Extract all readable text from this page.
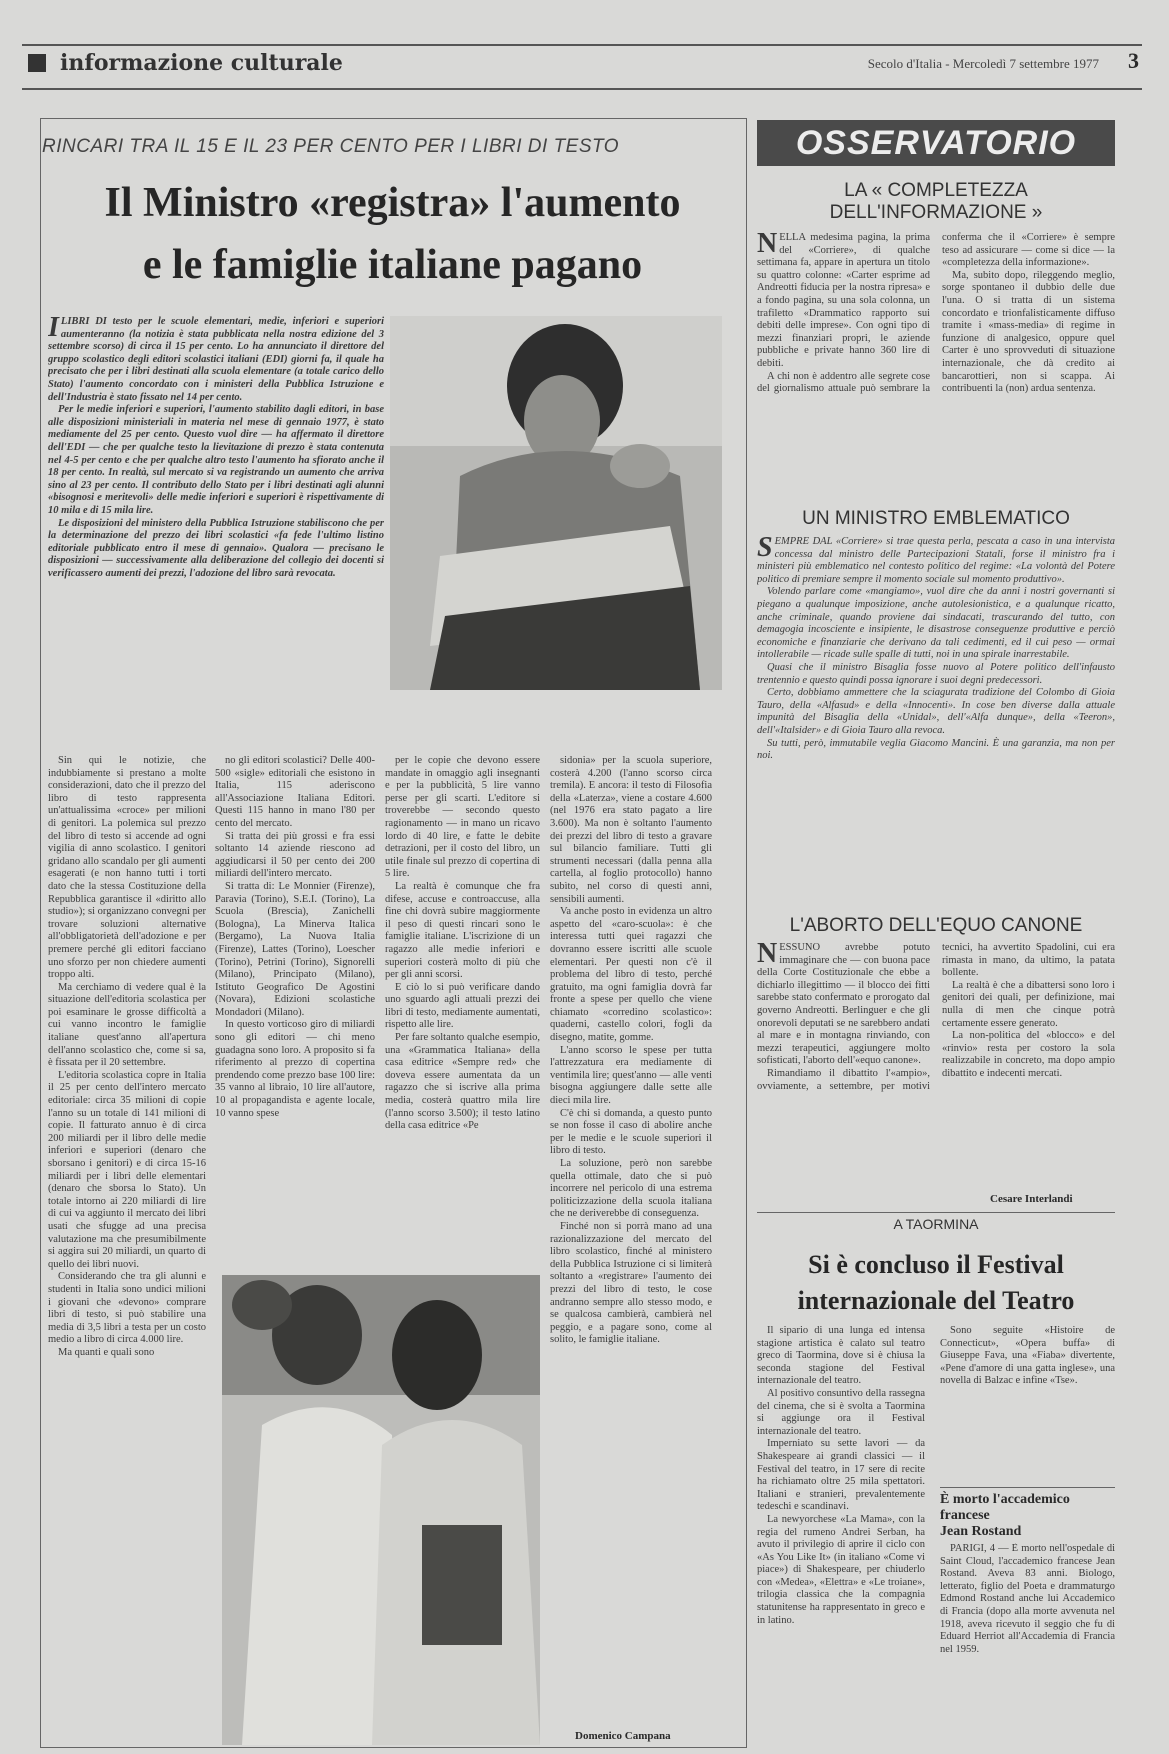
informazione culturale	Secolo d'Italia - Mercoledì 7 settembre 1977 3
RINCARI TRA IL 15 E IL 23 PER CENTO PER I LIBRI DI TESTO
Il Ministro «registra» l'aumento
e le famiglie italiane pagano

ILIBRI DI testo per le scuole elementari, medie, inferiori e superiori aumenteranno (la notizia è stata pubblicata nella nostra edizione del 3 settembre scorso) di circa il 15 per cento. Lo ha annunciato il direttore del gruppo scolastico degli editori scolastici italiani (EDI) giorni fa, il quale ha precisato che per i libri destinati alla scuola elementare (a totale carico dello Stato) l'aumento concordato con i ministeri della Pubblica Istruzione e dell'Industria è stato fissato nel 14 per cento.

Per le medie inferiori e superiori, l'aumento stabilito dagli editori, in base alle disposizioni ministeriali in materia nel mese di gennaio 1977, è stato mediamente del 25 per cento. Questo vuol dire — ha affermato il direttore dell'EDI — che per qualche testo la lievitazione di prezzo è stata contenuta nel 4-5 per cento e che per qualche altro testo l'aumento ha sfiorato anche il 18 per cento. In realtà, sul mercato si va registrando un aumento che arriva sino al 23 per cento. Il contributo dello Stato per i libri destinati agli alunni «bisognosi e meritevoli» delle medie inferiori e superiori è rispettivamente di 10 mila e di 15 mila lire.

Le disposizioni del ministero della Pubblica Istruzione stabiliscono che per la determinazione del prezzo dei libri scolastici «fa fede l'ultimo listino editoriale pubblicato entro il mese di gennaio». Qualora — precisano le disposizioni — successivamente alla deliberazione del collegio dei docenti si verificassero aumenti dei prezzi, l'adozione del libro sarà revocata.

Sin qui le notizie, che indubbiamente si prestano a molte considerazioni, dato che il prezzo del libro di testo rappresenta un'attualissima «croce» per milioni di genitori. La polemica sul prezzo del libro di testo si accende ad ogni vigilia di anno scolastico. I genitori gridano allo scandalo per gli aumenti esagerati (e non hanno tutti i torti dato che la stessa Costituzione della Repubblica garantisce il «diritto allo studio»); si organizzano convegni per trovare soluzioni alternative all'obbligatorietà dell'adozione e per premere perché gli editori facciano uno sforzo per non chiedere aumenti troppo alti.

Ma cerchiamo di vedere qual è la situazione dell'editoria scolastica per poi esaminare le grosse difficoltà a cui vanno incontro le famiglie italiane quest'anno all'apertura dell'anno scolastico che, come si sa, è fissata per il 20 settembre.

L'editoria scolastica copre in Italia il 25 per cento dell'intero mercato editoriale: circa 35 milioni di copie l'anno su un totale di 141 milioni di copie. Il fatturato annuo è di circa 200 miliardi per il libro delle medie inferiori e superiori (denaro che sborsano i genitori) e di circa 15-16 miliardi per i libri delle elementari (denaro che sborsa lo Stato). Un totale intorno ai 220 miliardi di lire di cui va aggiunto il mercato dei libri usati che sfugge ad una precisa valutazione ma che presumibilmente si aggira sui 20 miliardi, un quarto di quello dei libri nuovi.

Considerando che tra gli alunni e studenti in Italia sono undici milioni i giovani che «devono» comprare libri di testo, si può stabilire una media di 3,5 libri a testa per un costo medio a libro di circa 4.000 lire.

Ma quanti e quali sono

no gli editori scolastici? Delle 400-500 «sigle» editoriali che esistono in Italia, 115 aderiscono all'Associazione Italiana Editori. Questi 115 hanno in mano l'80 per cento del mercato.

Si tratta dei più grossi e fra essi soltanto 14 aziende riescono ad aggiudicarsi il 50 per cento dei 200 miliardi dell'intero mercato.

Si tratta di: Le Monnier (Firenze), Paravia (Torino), S.E.I. (Torino), La Scuola (Brescia), Zanichelli (Bologna), La Minerva Italica (Bergamo), La Nuova Italia (Firenze), Lattes (Torino), Loescher (Torino), Petrini (Torino), Signorelli (Milano), Principato (Milano), Istituto Geografico De Agostini (Novara), Edizioni scolastiche Mondadori (Milano).

In questo vorticoso giro di miliardi sono gli editori — chi meno guadagna sono loro. A proposito si fa riferimento al prezzo di copertina prendendo come prezzo base 100 lire: 35 vanno al libraio, 10 lire all'autore, 10 al propagandista e agente locale, 10 vanno spese

per le copie che devono essere mandate in omaggio agli insegnanti e per la pubblicità, 5 lire vanno perse per gli scarti. L'editore si troverebbe — secondo questo ragionamento — in mano un ricavo lordo di 40 lire, e fatte le debite detrazioni, per il costo del libro, un utile finale sul prezzo di copertina di 5 lire.

La realtà è comunque che fra difese, accuse e controaccuse, alla fine chi dovrà subire maggiormente il peso di questi rincari sono le famiglie italiane. L'iscrizione di un ragazzo alle medie inferiori e superiori costerà molto di più che per gli anni scorsi.

E ciò lo si può verificare dando uno sguardo agli attuali prezzi dei libri di testo, mediamente aumentati, rispetto alle lire.

Per fare soltanto qualche esempio, una «Grammatica Italiana» della casa editrice «Sempre red» che doveva essere aumentata da un ragazzo che si iscrive alla prima media, costerà quattro mila lire (l'anno scorso 3.500); il testo latino della casa editrice «Pe

sidonia» per la scuola superiore, costerà 4.200 (l'anno scorso circa tremila). E ancora: il testo di Filosofia della «Laterza», viene a costare 4.600 (nel 1976 era stato pagato a lire 3.600). Ma non è soltanto l'aumento dei prezzi del libro di testo a gravare sul bilancio familiare. Tutti gli strumenti necessari (dalla penna alla cartella, al foglio protocollo) hanno subìto, nel corso di questi anni, sensibili aumenti.

Va anche posto in evidenza un altro aspetto del «caro-scuola»: è che interessa tutti quei ragazzi che dovranno essere iscritti alle scuole elementari. Per questi non c'è il problema del libro di testo, perché gratuito, ma ogni famiglia dovrà far fronte a spese per quello che viene chiamato «corredino scolastico»: quaderni, castello colori, fogli da disegno, matite, gomme.

L'anno scorso le spese per tutta l'attrezzatura era mediamente di ventimila lire; quest'anno — alle venti bisogna aggiungere dalle sette alle dieci mila lire.

C'è chi si domanda, a questo punto se non fosse il caso di abolire anche per le medie e le scuole superiori il libro di testo.

La soluzione, però non sarebbe quella ottimale, dato che si può incorrere nel pericolo di una estrema politicizzazione della scuola italiana che ne deriverebbe di conseguenza.

Finché non si porrà mano ad una razionalizzazione del mercato del libro scolastico, finché al ministero della Pubblica Istruzione ci si limiterà soltanto a «registrare» l'aumento dei prezzi del libro di testo, le cose andranno sempre allo stesso modo, e se qualcosa cambierà, cambierà nel peggio, e a pagare sono, come al solito, le famiglie italiane.

Domenico Campana
OSSERVATORIO
LA « COMPLETEZZA
DELL'INFORMAZIONE »

NELLA medesima pagina, la prima del «Corriere», di qualche settimana fa, appare in apertura un titolo su quattro colonne: «Carter esprime ad Andreotti fiducia per la nostra ripresa» e a fondo pagina, su una sola colonna, un trafiletto «Drammatico rapporto sui debiti delle imprese». Con ogni tipo di mezzi finanziari propri, le aziende pubbliche e private hanno 360 lire di debiti.

A chi non è addentro alle segrete cose del giornalismo attuale può sembrare la conferma che il «Corriere» è sempre teso ad assicurare — come si dice — la «completezza della informazione».

Ma, subito dopo, rileggendo meglio, sorge spontaneo il dubbio delle due l'una. O si tratta di un sistema concordato e trionfalisticamente diffuso tramite i «mass-media» di regime in funzione di analgesico, oppure quel Carter è uno sprovveduti di situazione internazionale, che dà credito ai bancarottieri, non si scappa. Ai contribuenti la (non) ardua sentenza.

UN MINISTRO EMBLEMATICO

SEMPRE DAL «Corriere» si trae questa perla, pescata a caso in una intervista concessa dal ministro delle Partecipazioni Statali, forse il ministro fra i ministeri più emblematico nel contesto politico del regime: «La volontà del Potere politico di premiare sempre il momento sociale sul momento produttivo».

Volendo parlare come «mangiamo», vuol dire che da anni i nostri governanti si piegano a qualunque imposizione, anche autolesionistica, e a qualunque ricatto, anche criminale, quando proviene dai sindacati, trascurando del tutto, con demagogia incosciente e insipiente, le disastrose conseguenze produttive e perciò economiche e finanziarie che derivano da tali cedimenti, ed il cui peso — ormai intollerabile — ricade sulle spalle di tutti, noi in una spirale inarrestabile.

Quasi che il ministro Bisaglia fosse nuovo al Potere politico dell'infausto trentennio e questo quindi possa ignorare i suoi degni predecessori.

Certo, dobbiamo ammettere che la sciagurata tradizione del Colombo di Gioia Tauro, della «Alfasud» e della «Innocenti». In cose ben diverse dalla attuale impunità del Bisaglia della «Unidal», dell'«Alfa dunque», della «Teeron», dell'«Italsider» e di Gioia Tauro alla revoca.

Su tutti, però, immutabile veglia Giacomo Mancini. È una garanzia, ma non per noi.

L'ABORTO DELL'EQUO CANONE

NESSUNO avrebbe potuto immaginare che — con buona pace della Corte Costituzionale che ebbe a dichiarlo illegittimo — il blocco dei fitti sarebbe stato confermato e prorogato dal governo Andreotti. Berlinguer e che gli onorevoli deputati se ne sarebbero andati al mare e in montagna rinviando, con mezzi terapeutici, aggiungere molto sofisticati, l'aborto dell'«equo canone».

Rimandiamo il dibattito l'«ampio», ovviamente, a settembre, per motivi tecnici, ha avvertito Spadolini, cui era rimasta in mano, da ultimo, la patata bollente.

La realtà è che a dibattersi sono loro i genitori dei quali, per definizione, mai nulla di men che cinque potrà certamente essere generato.

La non-politica del «blocco» e del «rinvio» resta per costoro la sola realizzabile in concreto, ma dopo ampio dibattito e indecenti mercati.

Cesare Interlandi
A TAORMINA
Si è concluso il Festival
internazionale del Teatro

Il sipario di una lunga ed intensa stagione artistica è calato sul teatro greco di Taormina, dove si è chiusa la seconda stagione del Festival internazionale del teatro.

Al positivo consuntivo della rassegna del cinema, che si è svolta a Taormina si aggiunge ora il Festival internazionale del teatro.

Imperniato su sette lavori — da Shakespeare ai grandi classici — il Festival del teatro, in 17 sere di recite ha richiamato oltre 25 mila spettatori. Italiani e stranieri, prevalentemente tedeschi e scandinavi.

La newyorchese «La Mama», con la regia del rumeno Andrei Serban, ha avuto il privilegio di aprire il ciclo con «As You Like It» (in italiano «Come vi piace») di Shakespeare, per chiuderlo con «Medea», «Elettra» e «Le troiane», trilogia classica che la compagnia statunitense ha rappresentato in greco e in latino.

Sono seguite «Histoire de Connecticut», «Opera buffa» di Giuseppe Fava, una «Fiaba» divertente, «Pene d'amore di una gatta inglese», una novella di Balzac e infine «Tse».

È morto l'accademico
francese
Jean Rostand

PARIGI, 4 — È morto nell'ospedale di Saint Cloud, l'accademico francese Jean Rostand. Aveva 83 anni. Biologo, letterato, figlio del Poeta e drammaturgo Edmond Rostand anche lui Accademico di Francia (dopo alla morte avvenuta nel 1918, aveva ricevuto il seggio che fu di Eduard Herriot all'Accademia di Francia nel 1959.
